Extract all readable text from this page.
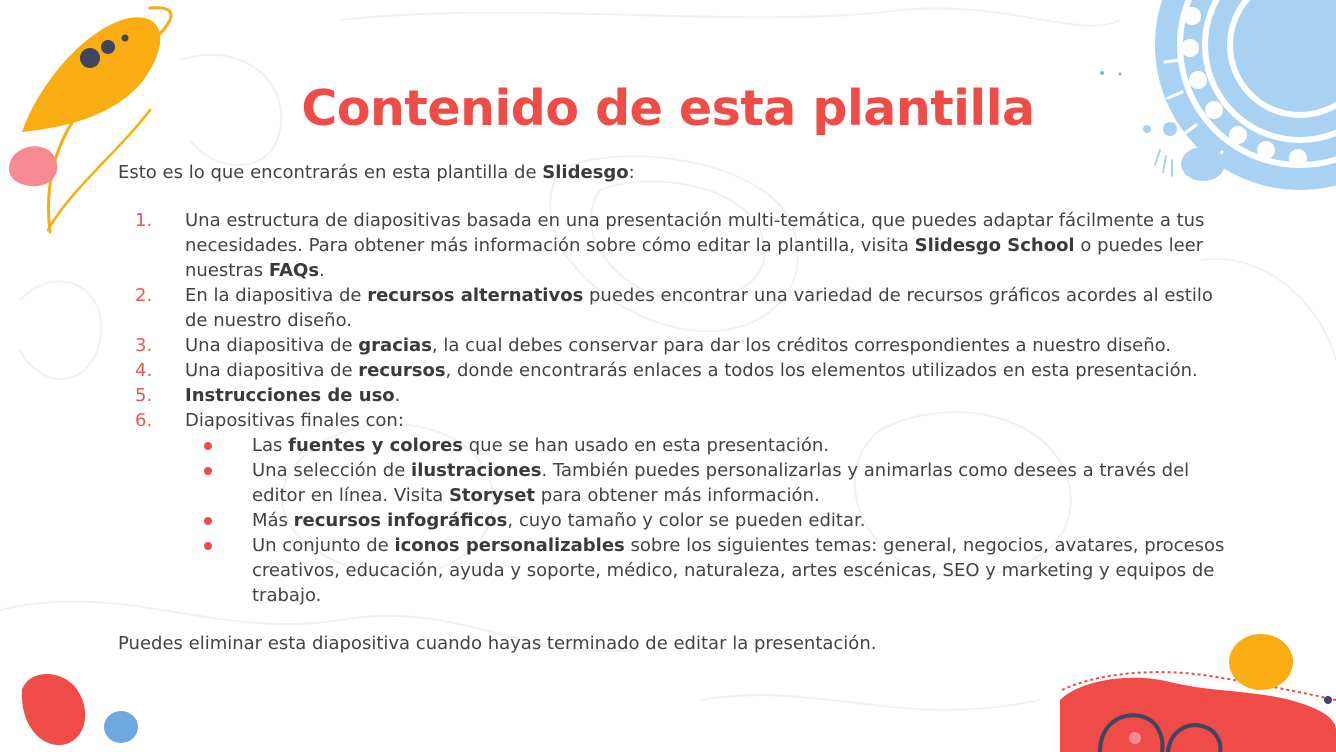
Contenido de esta plantilla

Esto es lo que encontrarás en esta plantilla de Slidesgo:

1.	Una estructura de diapositivas basada en una presentación multi-temática, que puedes adaptar fácilmente a tus necesidades. Para obtener más información sobre cómo editar la plantilla, visita Slidesgo School o puedes leer nuestras FAQs.
2.	En la diapositiva de recursos alternativos puedes encontrar una variedad de recursos gráficos acordes al estilo de nuestro diseño.
3.	Una diapositiva de gracias, la cual debes conservar para dar los créditos correspondientes a nuestro diseño.
4.	Una diapositiva de recursos, donde encontrarás enlaces a todos los elementos utilizados en esta presentación.
5.	Instrucciones de uso.
6.	Diapositivas finales con:
Las fuentes y colores que se han usado en esta presentación.
Una selección de ilustraciones. También puedes personalizarlas y animarlas como desees a través del editor en línea. Visita Storyset para obtener más información.
Más recursos infográficos, cuyo tamaño y color se pueden editar.
Un conjunto de iconos personalizables sobre los siguientes temas: general, negocios, avatares, procesos creativos, educación, ayuda y soporte, médico, naturaleza, artes escénicas, SEO y marketing y equipos de trabajo.

Puedes eliminar esta diapositiva cuando hayas terminado de editar la presentación.
